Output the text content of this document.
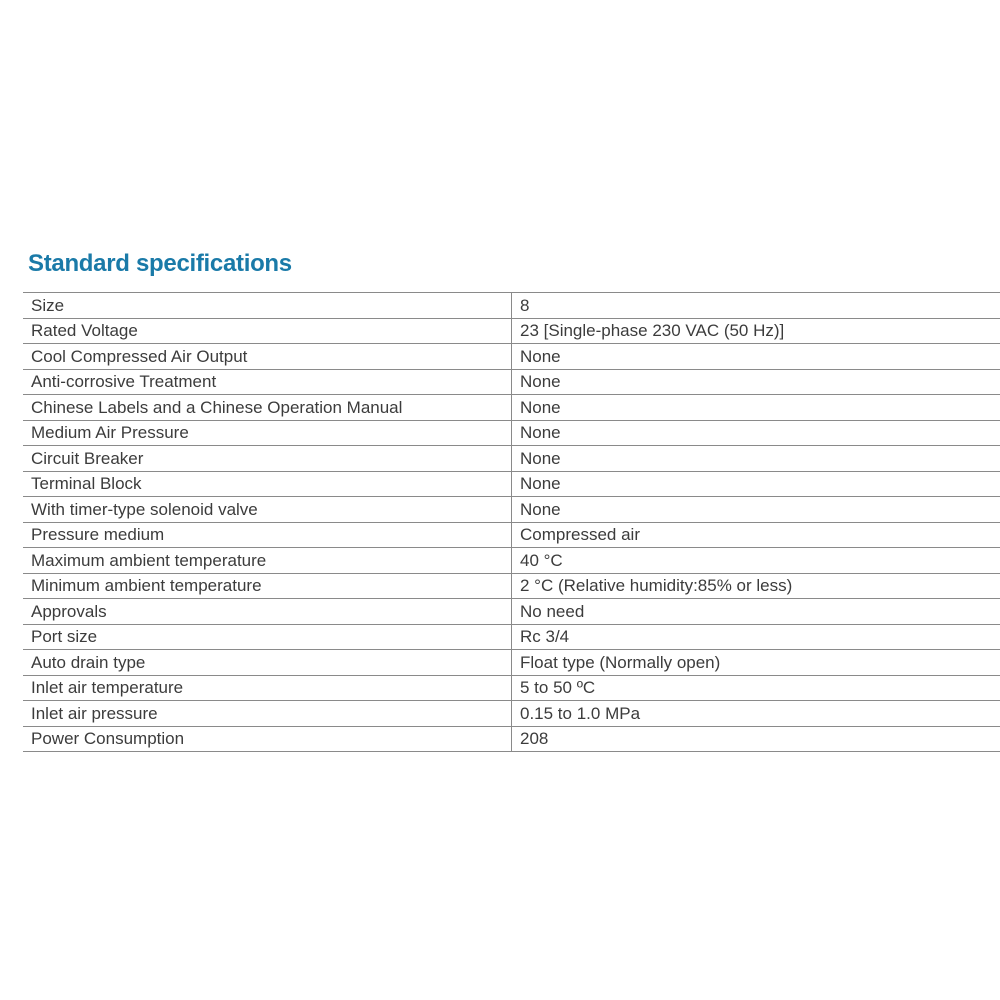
Standard specifications
Size	8
Rated Voltage	23 [Single-phase 230 VAC (50 Hz)]
Cool Compressed Air Output	None
Anti-corrosive Treatment	None
Chinese Labels and a Chinese Operation Manual	None
Medium Air Pressure	None
Circuit Breaker	None
Terminal Block	None
With timer-type solenoid valve	None
Pressure medium	Compressed air
Maximum ambient temperature	40 °C
Minimum ambient temperature	2 °C (Relative humidity:85% or less)
Approvals	No need
Port size	Rc 3/4
Auto drain type	Float type (Normally open)
Inlet air temperature	5 to 50 ºC
Inlet air pressure	0.15 to 1.0 MPa
Power Consumption	208
